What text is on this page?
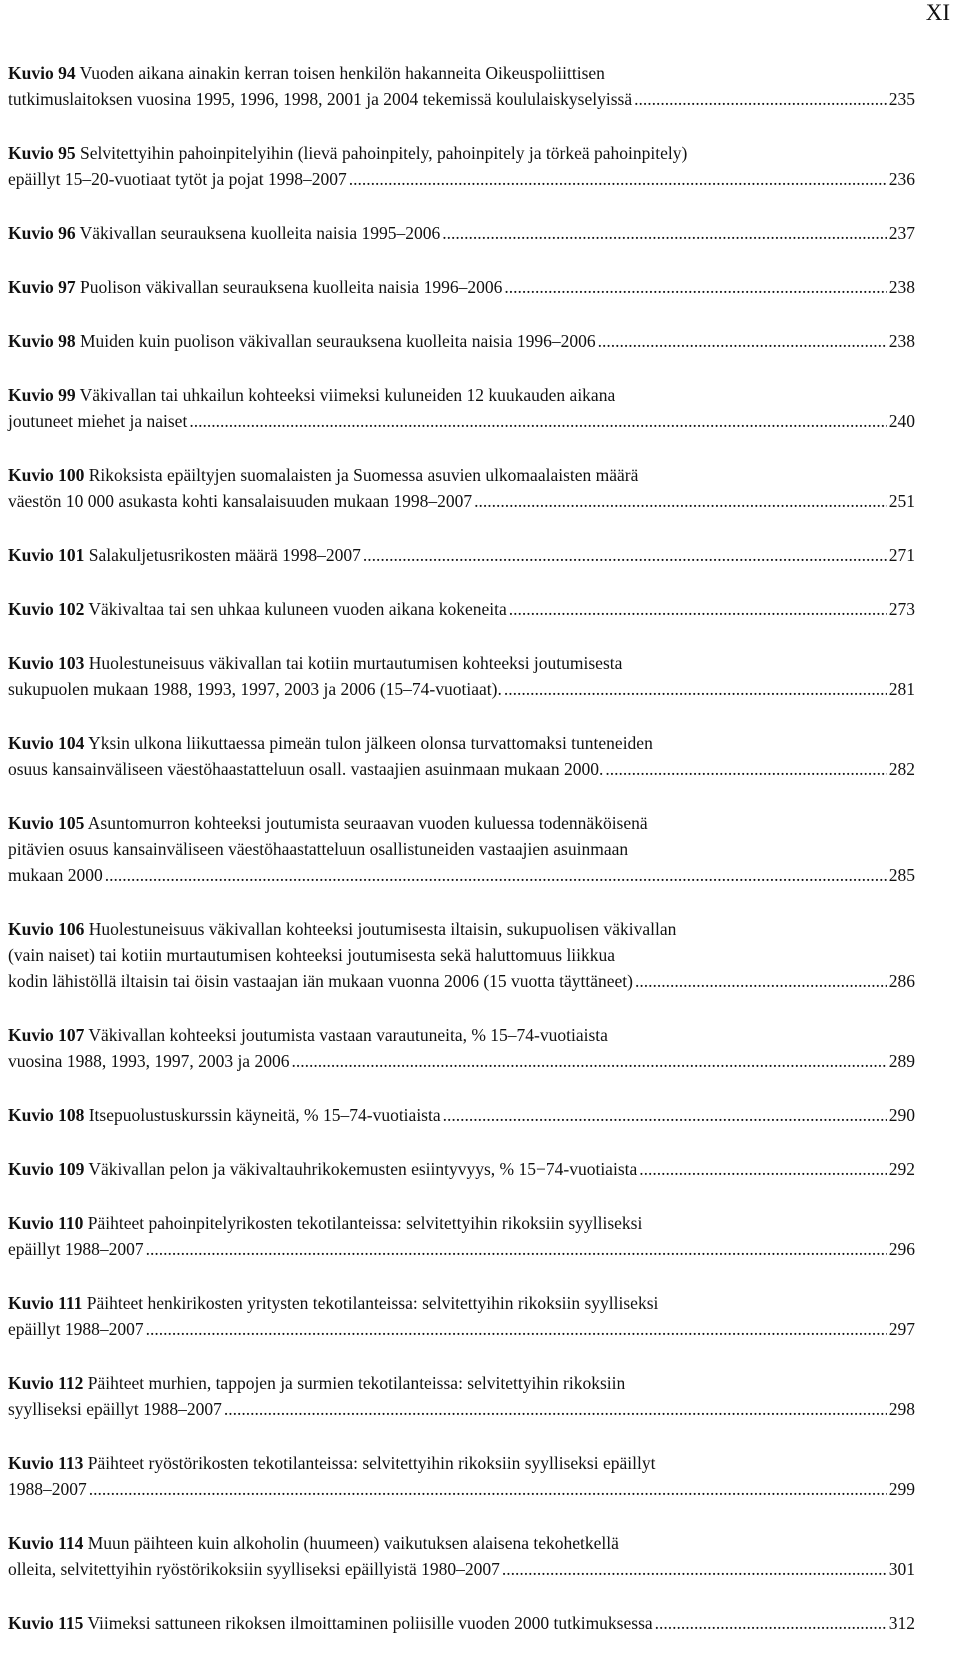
XI
Kuvio 94 Vuoden aikana ainakin kerran toisen henkilön hakanneita Oikeuspoliittisen
tutkimuslaitoksen vuosina 1995, 1996, 1998, 2001 ja 2004 tekemissä koululaiskyselyissä .....	235
Kuvio 95 Selvitettyihin pahoinpitelyihin (lievä pahoinpitely, pahoinpitely ja törkeä pahoinpitely)
epäillyt 15–20-vuotiaat tytöt ja pojat 1998–2007 .....	236
Kuvio 96 Väkivallan seurauksena kuolleita naisia 1995–2006 .....	237
Kuvio 97 Puolison väkivallan seurauksena kuolleita naisia 1996–2006 .....	238
Kuvio 98 Muiden kuin puolison väkivallan seurauksena kuolleita naisia 1996–2006 .....	238
Kuvio 99 Väkivallan tai uhkailun kohteeksi viimeksi kuluneiden 12 kuukauden aikana
joutuneet miehet ja naiset .....	240
Kuvio 100 Rikoksista epäiltyjen suomalaisten ja Suomessa asuvien ulkomaalaisten määrä
väestön 10 000 asukasta kohti kansalaisuuden mukaan 1998–2007 .....	251
Kuvio 101 Salakuljetusrikosten määrä 1998–2007 .....	271
Kuvio 102 Väkivaltaa tai sen uhkaa kuluneen vuoden aikana kokeneita .....	273
Kuvio 103 Huolestuneisuus väkivallan tai kotiin murtautumisen kohteeksi joutumisesta
sukupuolen mukaan 1988, 1993, 1997, 2003 ja 2006 (15–74-vuotiaat). .....	281
Kuvio 104 Yksin ulkona liikuttaessa pimeän tulon jälkeen olonsa turvattomaksi tunteneiden
osuus kansainväliseen väestöhaastatteluun osall. vastaajien asuinmaan mukaan 2000. .....	282
Kuvio 105 Asuntomurron kohteeksi joutumista seuraavan vuoden kuluessa todennäköisenä
pitävien osuus kansainväliseen väestöhaastatteluun osallistuneiden vastaajien asuinmaan
mukaan 2000 .....	285
Kuvio 106 Huolestuneisuus väkivallan kohteeksi joutumisesta iltaisin, sukupuolisen väkivallan
(vain naiset) tai kotiin murtautumisen kohteeksi joutumisesta sekä haluttomuus liikkua
kodin lähistöllä iltaisin tai öisin vastaajan iän mukaan vuonna 2006 (15 vuotta täyttäneet) .....	286
Kuvio 107 Väkivallan kohteeksi joutumista vastaan varautuneita, % 15–74-vuotiaista
vuosina 1988, 1993, 1997, 2003 ja 2006 .....	289
Kuvio 108 Itsepuolustuskurssin käyneitä, % 15–74-vuotiaista .....	290
Kuvio 109 Väkivallan pelon ja väkivaltauhrikokemusten esiintyvyys, % 15−74-vuotiaista .....	292
Kuvio 110 Päihteet pahoinpitelyrikosten tekotilanteissa: selvitettyihin rikoksiin syylliseksi
epäillyt 1988–2007 .....	296
Kuvio 111 Päihteet henkirikosten yritysten tekotilanteissa: selvitettyihin rikoksiin syylliseksi
epäillyt 1988–2007 .....	297
Kuvio 112 Päihteet murhien, tappojen ja surmien tekotilanteissa: selvitettyihin rikoksiin
syylliseksi epäillyt 1988–2007 .....	298
Kuvio 113 Päihteet ryöstörikosten tekotilanteissa: selvitettyihin rikoksiin syylliseksi epäillyt
1988–2007 .....	299
Kuvio 114 Muun päihteen kuin alkoholin (huumeen) vaikutuksen alaisena tekohetkellä
olleita, selvitettyihin ryöstörikoksiin syylliseksi epäillyistä 1980–2007 .....	301
Kuvio 115 Viimeksi sattuneen rikoksen ilmoittaminen poliisille vuoden 2000 tutkimuksessa .....	312
